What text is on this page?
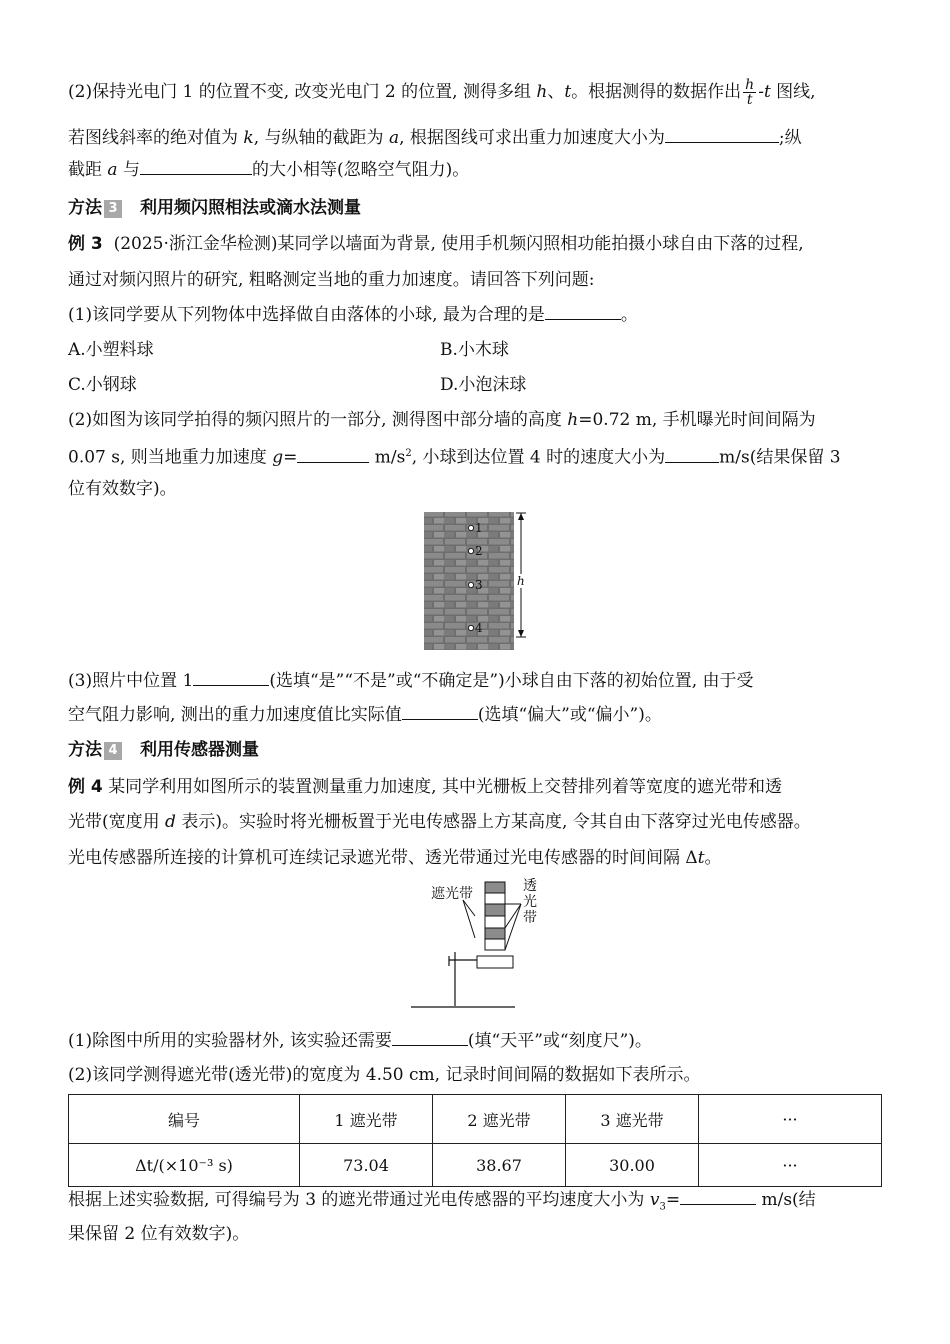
(2)保持光电门 1 的位置不变, 改变光电门 2 的位置, 测得多组 h、t。根据测得的数据作出 $\frac{h}{t} -t$ 图线,
若图线斜率的绝对值为 k, 与纵轴的截距为 a, 根据图线可求出重力加速度大小为	;纵
截距 a 与	的大小相等(忽略空气阻力)。
方法 3 利用频闪照相法或滴水法测量
例 3 (2025·浙江金华检测)某同学以墙面为背景, 使用手机频闪照相功能拍摄小球自由下落的过程,
通过对频闪照片的研究, 粗略测定当地的重力加速度。请回答下列问题:
(1)该同学要从下列物体中选择做自由落体的小球, 最为合理的是	。
A.小塑料球	B.小木球
C.小钢球	D.小泡沫球
(2)如图为该同学拍得的频闪照片的一部分, 测得图中部分墙的高度 h=0.72 m, 手机曝光时间间隔为
0.07 s, 则当地重力加速度 g=	$m/s^2$, 小球到达位置 4 时的速度大小为	m/s(结果保留 3
位有效数字)。
1
2
3
4
h
(3)照片中位置 1	(选填“是”“不是”或“不确定是”)小球自由下落的初始位置, 由于受
空气阻力影响, 测出的重力加速度值比实际值	(选填“偏大”或“偏小”)。
方法 4 利用传感器测量
例 4 某同学利用如图所示的装置测量重力加速度, 其中光栅板上交替排列着等宽度的遮光带和透
光带(宽度用 d 表示)。实验时将光栅板置于光电传感器上方某高度, 令其自由下落穿过光电传感器。
光电传感器所连接的计算机可连续记录遮光带、透光带通过光电传感器的时间间隔 Δt。
遮光带	透
光
带
(1)除图中所用的实验器材外, 该实验还需要	(填“天平”或“刻度尺”)。
(2)该同学测得遮光带(透光带)的宽度为 4.50 cm, 记录时间间隔的数据如下表所示。
编号	1 遮光带	2 遮光带	3 遮光带	···
Δt/(×10⁻³ s)	73.04	38.67	30.00	···
根据上述实验数据, 可得编号为 3 的遮光带通过光电传感器的平均速度大小为 $v_3=$	m/s(结
果保留 2 位有效数字)。
